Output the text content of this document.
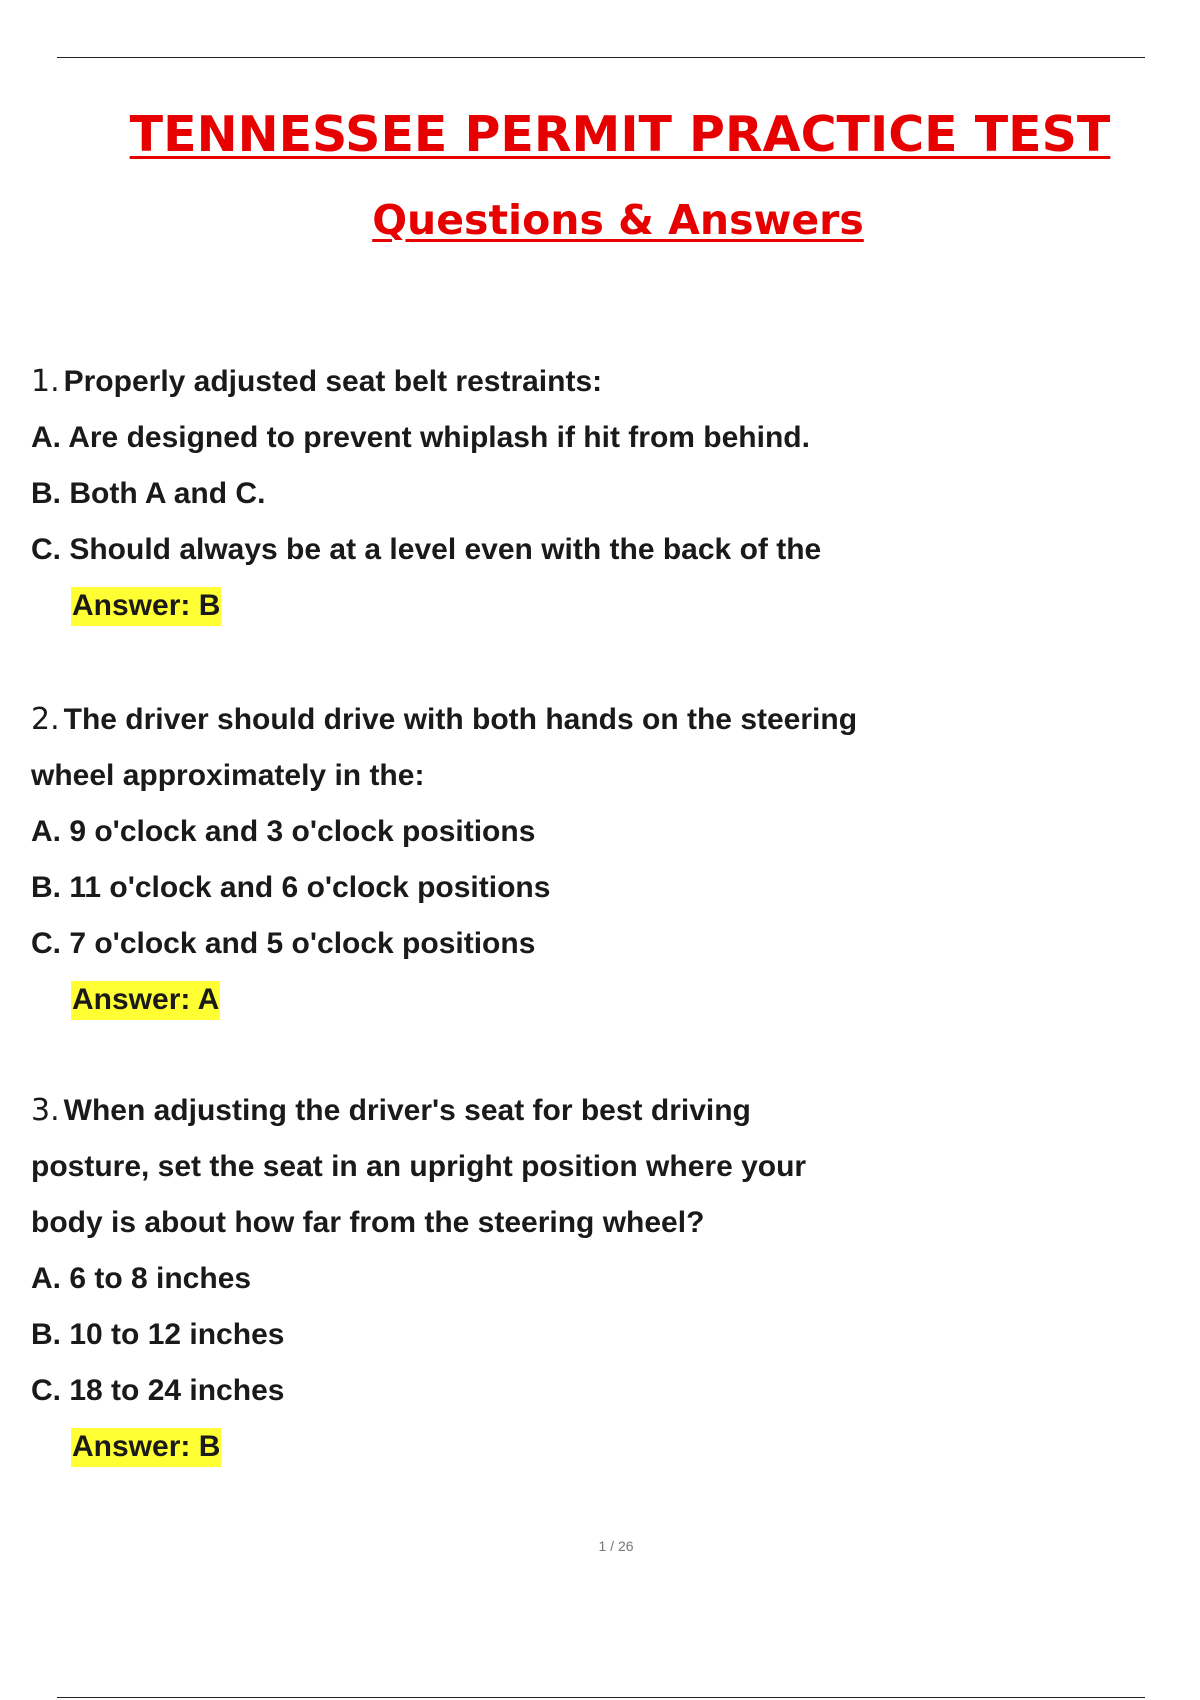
TENNESSEE PERMIT PRACTICE TEST
Questions & Answers
1. Properly adjusted seat belt restraints:
A. Are designed to prevent whiplash if hit from behind.
B. Both A and C.
C. Should always be at a level even with the back of the
Answer: B
2. The driver should drive with both hands on the steering
wheel approximately in the:
A. 9 o'clock and 3 o'clock positions
B. 11 o'clock and 6 o'clock positions
C. 7 o'clock and 5 o'clock positions
Answer: A
3. When adjusting the driver's seat for best driving
posture, set the seat in an upright position where your
body is about how far from the steering wheel?
A. 6 to 8 inches
B. 10 to 12 inches
C. 18 to 24 inches
Answer: B
1 / 26
